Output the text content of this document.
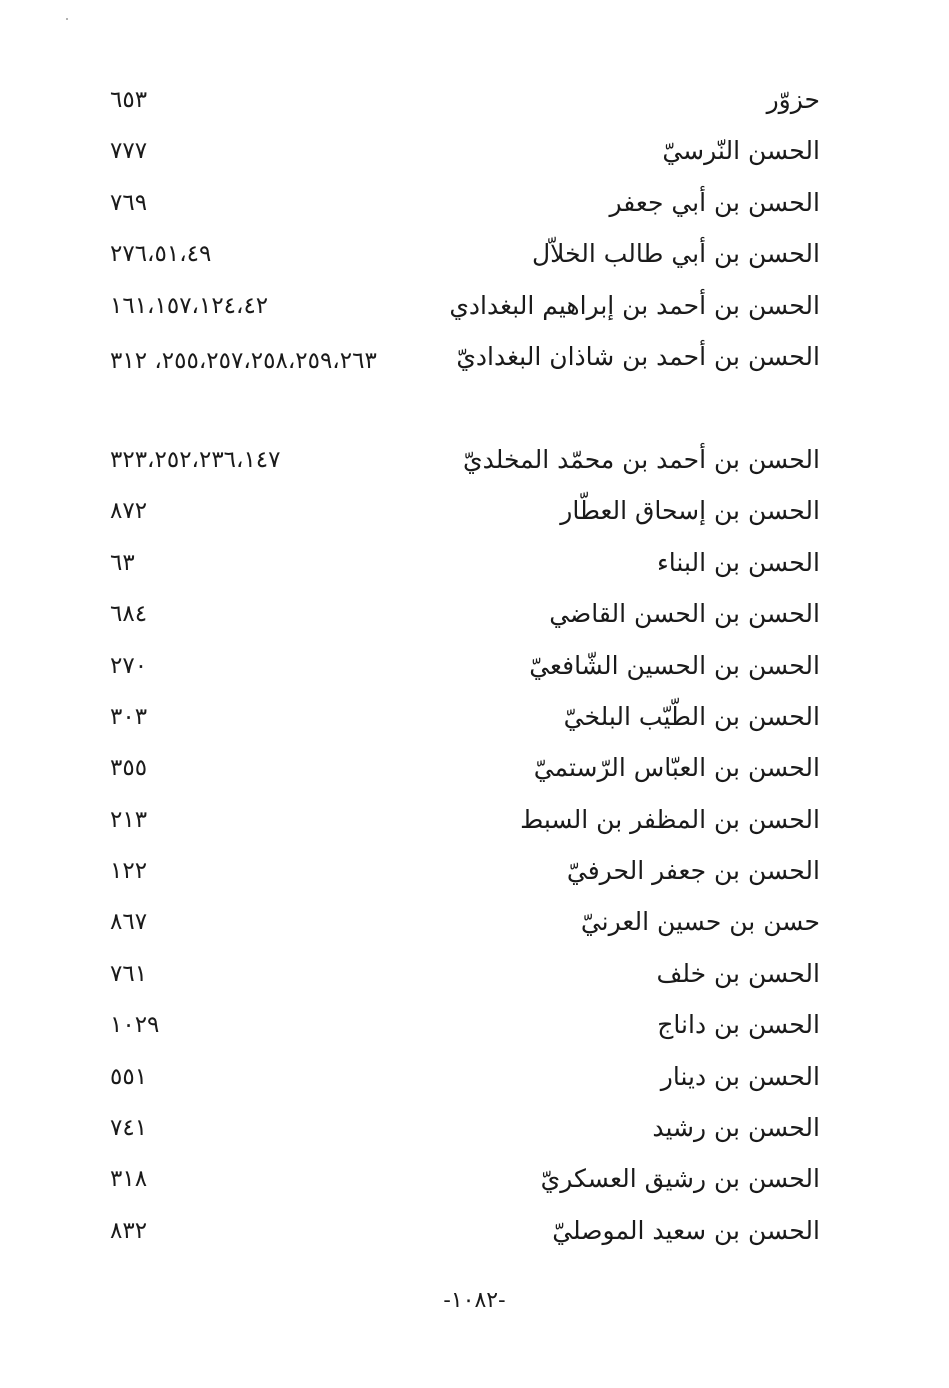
حزوّر
٦٥٣
الحسن النّرسيّ
٧٧٧
الحسن بن أبي جعفر
٧٦٩
الحسن بن أبي طالب الخلاّل
٢٧٦،٥١،٤٩
الحسن بن أحمد بن إبراهيم البغدادي
١٦١،١٥٧،١٢٤،٤٢
الحسن بن أحمد بن شاذان البغداديّ
٢٥٥،٢٥٧،٢٥٨،٢٥٩،٢٦٣، ٣١٢
الحسن بن أحمد بن محمّد المخلديّ
٣٢٣،٢٥٢،٢٣٦،١٤٧
الحسن بن إسحاق العطّار
٨٧٢
الحسن بن البناء
٦٣
الحسن بن الحسن القاضي
٦٨٤
الحسن بن الحسين الشّافعيّ
٢٧٠
الحسن بن الطّيّب البلخيّ
٣٠٣
الحسن بن العبّاس الرّستميّ
٣٥٥
الحسن بن المظفر بن السبط
٢١٣
الحسن بن جعفر الحرفيّ
١٢٢
حسن بن حسين العرنيّ
٨٦٧
الحسن بن خلف
٧٦١
الحسن بن داناج
١٠٢٩
الحسن بن دينار
٥٥١
الحسن بن رشيد
٧٤١
الحسن بن رشيق العسكريّ
٣١٨
الحسن بن سعيد الموصليّ
٨٣٢
-١٠٨٢-
